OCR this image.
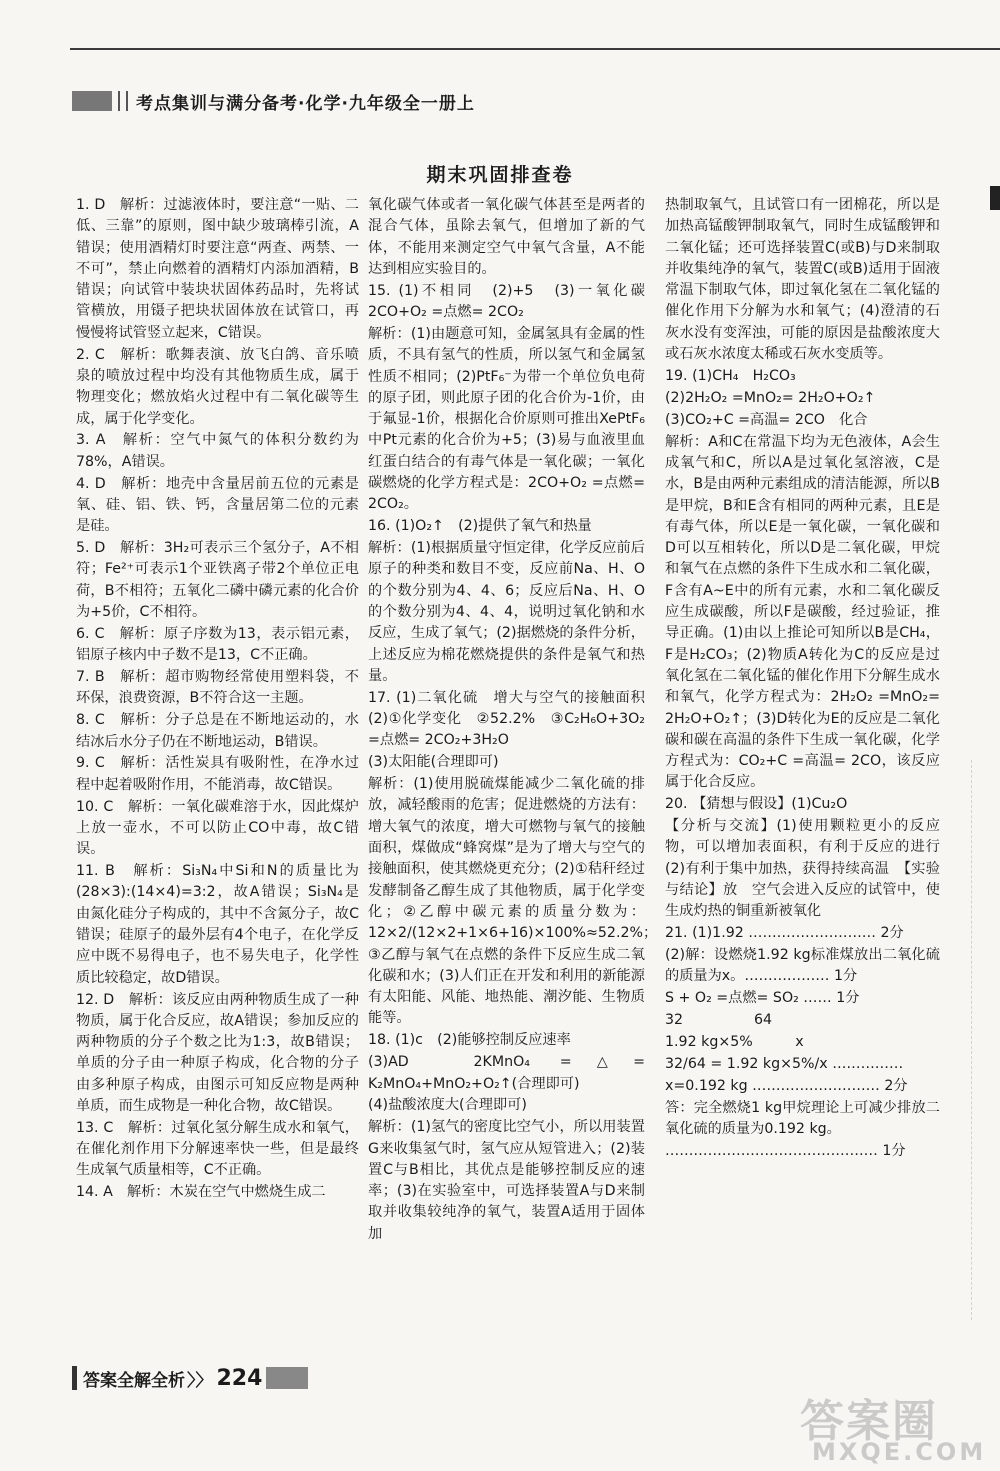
考点集训与满分备考·化学·九年级全一册上
期末巩固排查卷

1. D　解析：过滤液体时，要注意“一贴、二低、三靠”的原则，图中缺少玻璃棒引流，A错误；使用酒精灯时要注意“两查、两禁、一不可”，禁止向燃着的酒精灯内添加酒精，B错误；向试管中装块状固体药品时，先将试管横放，用镊子把块状固体放在试管口，再慢慢将试管竖立起来，C错误。

2. C　解析：歌舞表演、放飞白鸽、音乐喷泉的喷放过程中均没有其他物质生成，属于物理变化；燃放焰火过程中有二氧化碳等生成，属于化学变化。

3. A　解析：空气中氮气的体积分数约为78%，A错误。

4. D　解析：地壳中含量居前五位的元素是氧、硅、铝、铁、钙，含量居第二位的元素是硅。

5. D　解析：3H₂可表示三个氢分子，A不相符；Fe²⁺可表示1个亚铁离子带2个单位正电荷，B不相符；五氧化二磷中磷元素的化合价为+5价，C不相符。

6. C　解析：原子序数为13，表示铝元素，铝原子核内中子数不是13，C不正确。

7. B　解析：超市购物经常使用塑料袋，不环保，浪费资源，B不符合这一主题。

8. C　解析：分子总是在不断地运动的，水结冰后水分子仍在不断地运动，B错误。

9. C　解析：活性炭具有吸附性，在净水过程中起着吸附作用，不能消毒，故C错误。

10. C　解析：一氧化碳难溶于水，因此煤炉上放一壶水，不可以防止CO中毒，故C错误。

11. B　解析：Si₃N₄中Si和N的质量比为(28×3):(14×4)=3:2，故A错误；Si₃N₄是由氮化硅分子构成的，其中不含氮分子，故C错误；硅原子的最外层有4个电子，在化学反应中既不易得电子，也不易失电子，化学性质比较稳定，故D错误。

12. D　解析：该反应由两种物质生成了一种物质，属于化合反应，故A错误；参加反应的两种物质的分子个数之比为1:3，故B错误；单质的分子由一种原子构成，化合物的分子由多种原子构成，由图示可知反应物是两种单质，而生成物是一种化合物，故C错误。

13. C　解析：过氧化氢分解生成水和氧气，在催化剂作用下分解速率快一些，但是最终生成氧气质量相等，C不正确。

14. A　解析：木炭在空气中燃烧生成二

氧化碳气体或者一氧化碳气体甚至是两者的混合气体，虽除去氧气，但增加了新的气体，不能用来测定空气中氧气含量，A不能达到相应实验目的。

15. (1)不相同　(2)+5　(3)一氧化碳　2CO+O₂ =点燃= 2CO₂

解析：(1)由题意可知，金属氢具有金属的性质，不具有氢气的性质，所以氢气和金属氢性质不相同；(2)PtF₆⁻为带一个单位负电荷的原子团，则此原子团的化合价为-1价，由于氟显-1价，根据化合价原则可推出XePtF₆中Pt元素的化合价为+5；(3)易与血液里血红蛋白结合的有毒气体是一氧化碳；一氧化碳燃烧的化学方程式是：2CO+O₂ =点燃= 2CO₂。

16. (1)O₂↑　(2)提供了氧气和热量

解析：(1)根据质量守恒定律，化学反应前后原子的种类和数目不变，反应前Na、H、O的个数分别为4、4、6；反应后Na、H、O的个数分别为4、4、4，说明过氧化钠和水反应，生成了氧气；(2)据燃烧的条件分析，上述反应为棉花燃烧提供的条件是氧气和热量。

17. (1)二氧化硫　增大与空气的接触面积　(2)①化学变化　②52.2%　③C₂H₆O+3O₂ =点燃= 2CO₂+3H₂O

(3)太阳能(合理即可)

解析：(1)使用脱硫煤能减少二氧化硫的排放，减轻酸雨的危害；促进燃烧的方法有：增大氧气的浓度，增大可燃物与氧气的接触面积，煤做成“蜂窝煤”是为了增大与空气的接触面积，使其燃烧更充分；(2)①秸秆经过发酵制备乙醇生成了其他物质，属于化学变化；②乙醇中碳元素的质量分数为：12×2/(12×2+1×6+16)×100%≈52.2%；③乙醇与氧气在点燃的条件下反应生成二氧化碳和水；(3)人们正在开发和利用的新能源有太阳能、风能、地热能、潮汐能、生物质能等。

18. (1)c　(2)能够控制反应速率

(3)AD　2KMnO₄ =△= K₂MnO₄+MnO₂+O₂↑(合理即可)

(4)盐酸浓度大(合理即可)

解析：(1)氢气的密度比空气小，所以用装置G来收集氢气时，氢气应从短管进入；(2)装置C与B相比，其优点是能够控制反应的速率；(3)在实验室中，可选择装置A与D来制取并收集较纯净的氧气，装置A适用于固体加

热制取氧气，且试管口有一团棉花，所以是加热高锰酸钾制取氧气，同时生成锰酸钾和二氧化锰；还可选择装置C(或B)与D来制取并收集纯净的氧气，装置C(或B)适用于固液常温下制取气体，即过氧化氢在二氧化锰的催化作用下分解为水和氧气；(4)澄清的石灰水没有变浑浊，可能的原因是盐酸浓度大或石灰水浓度太稀或石灰水变质等。

19. (1)CH₄　H₂CO₃

(2)2H₂O₂ =MnO₂= 2H₂O+O₂↑

(3)CO₂+C =高温= 2CO　化合

解析：A和C在常温下均为无色液体，A会生成氧气和C，所以A是过氧化氢溶液，C是水，B是由两种元素组成的清洁能源，所以B是甲烷，B和E含有相同的两种元素，且E是有毒气体，所以E是一氧化碳，一氧化碳和D可以互相转化，所以D是二氧化碳，甲烷和氧气在点燃的条件下生成水和二氧化碳，F含有A~E中的所有元素，水和二氧化碳反应生成碳酸，所以F是碳酸，经过验证，推导正确。(1)由以上推论可知所以B是CH₄，F是H₂CO₃；(2)物质A转化为C的反应是过氧化氢在二氧化锰的催化作用下分解生成水和氧气，化学方程式为：2H₂O₂ =MnO₂= 2H₂O+O₂↑；(3)D转化为E的反应是二氧化碳和碳在高温的条件下生成一氧化碳，化学方程式为：CO₂+C =高温= 2CO，该反应属于化合反应。

20. 【猜想与假设】(1)Cu₂O

【分析与交流】(1)使用颗粒更小的反应物，可以增加表面积，有利于反应的进行　(2)有利于集中加热，获得持续高温　【实验与结论】放　空气会进入反应的试管中，使生成灼热的铜重新被氧化

21. (1)1.92 ……………………… 2分

(2)解：设燃烧1.92 kg标准煤放出二氧化硫的质量为x。……………… 1分

S + O₂ =点燃= SO₂ …… 1分

32　　　　　64

1.92 kg×5%　　　x

32/64 = 1.92 kg×5%/x ……………

x=0.192 kg ……………………… 2分

答：完全燃烧1 kg甲烷理论上可减少排放二氧化硫的质量为0.192 kg。

……………………………………… 1分

答案全解全析 〉〉 224
答案圈
MXQE.COM
